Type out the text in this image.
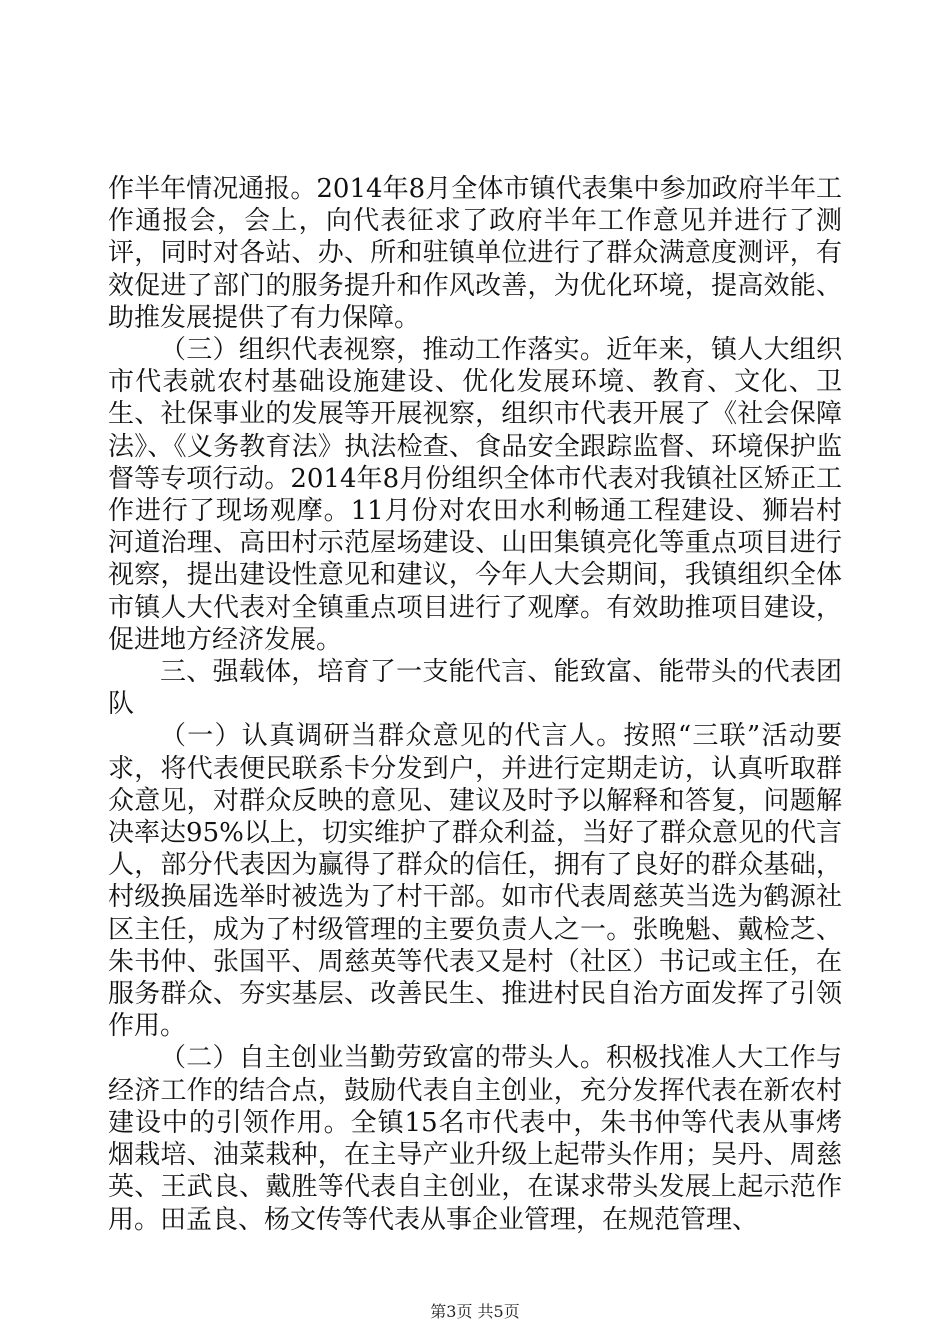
作半年情况通报。2014年8月全体市镇代表集中参加政府半年工作通报会，会上，向代表征求了政府半年工作意见并进行了测评，同时对各站、办、所和驻镇单位进行了群众满意度测评，有效促进了部门的服务提升和作风改善，为优化环境，提高效能、助推发展提供了有力保障。

（三）组织代表视察，推动工作落实。近年来，镇人大组织市代表就农村基础设施建设、优化发展环境、教育、文化、卫生、社保事业的发展等开展视察，组织市代表开展了《社会保障法》、《义务教育法》执法检查、食品安全跟踪监督、环境保护监督等专项行动。2014年8月份组织全体市代表对我镇社区矫正工作进行了现场观摩。11月份对农田水利畅通工程建设、狮岩村河道治理、高田村示范屋场建设、山田集镇亮化等重点项目进行视察，提出建设性意见和建议，今年人大会期间，我镇组织全体市镇人大代表对全镇重点项目进行了观摩。有效助推项目建设，促进地方经济发展。

三、强载体，培育了一支能代言、能致富、能带头的代表团队

（一）认真调研当群众意见的代言人。按照“三联”活动要求，将代表便民联系卡分发到户，并进行定期走访，认真听取群众意见，对群众反映的意见、建议及时予以解释和答复，问题解决率达95%以上，切实维护了群众利益，当好了群众意见的代言人，部分代表因为赢得了群众的信任，拥有了良好的群众基础，村级换届选举时被选为了村干部。如市代表周慈英当选为鹤源社区主任，成为了村级管理的主要负责人之一。张晚魁、戴检芝、朱书仲、张国平、周慈英等代表又是村（社区）书记或主任，在服务群众、夯实基层、改善民生、推进村民自治方面发挥了引领作用。

（二）自主创业当勤劳致富的带头人。积极找准人大工作与经济工作的结合点，鼓励代表自主创业，充分发挥代表在新农村建设中的引领作用。全镇15名市代表中，朱书仲等代表从事烤烟栽培、油菜栽种，在主导产业升级上起带头作用；吴丹、周慈英、王武良、戴胜等代表自主创业，在谋求带头发展上起示范作用。田孟良、杨文传等代表从事企业管理，在规范管理、

第3页 共5页
